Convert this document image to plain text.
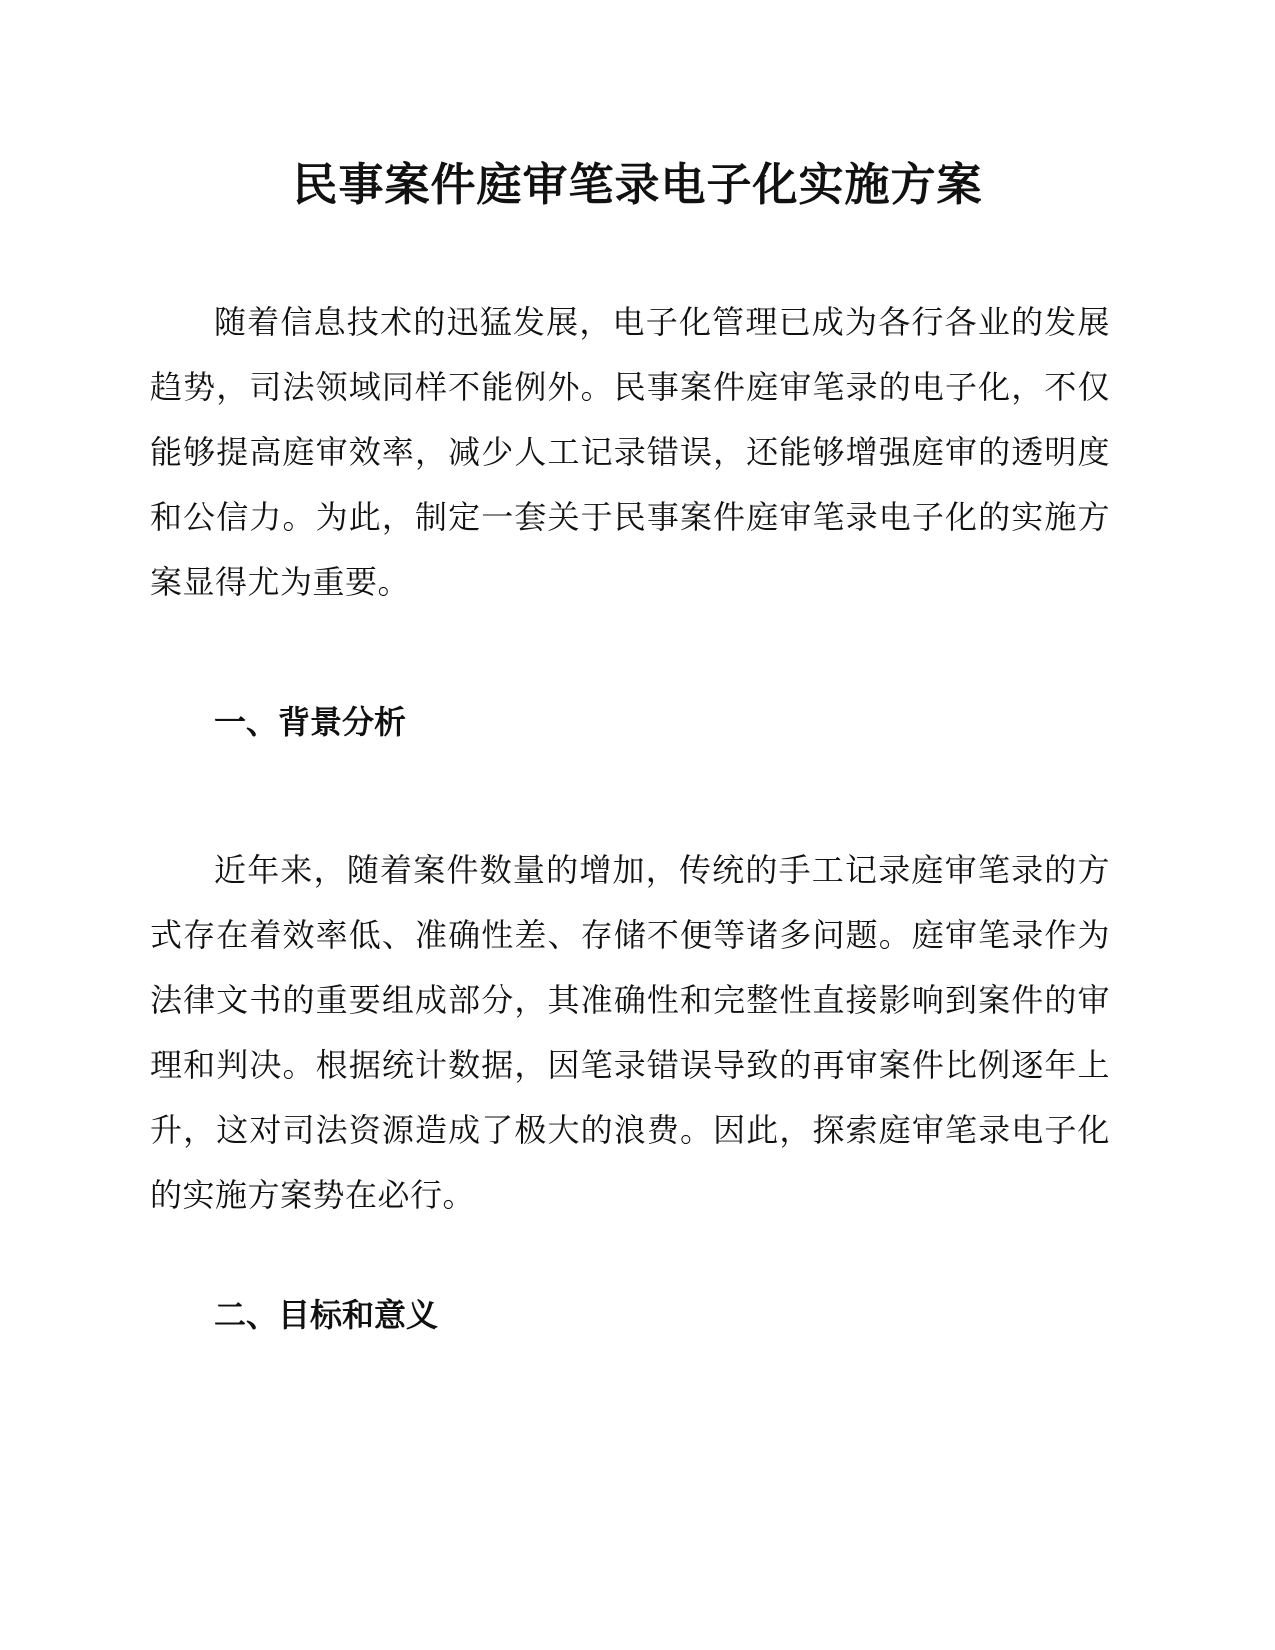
民事案件庭审笔录电子化实施方案

随着信息技术的迅猛发展，电子化管理已成为各行各业的发展趋势，司法领域同样不能例外。民事案件庭审笔录的电子化，不仅能够提高庭审效率，减少人工记录错误，还能够增强庭审的透明度和公信力。为此，制定一套关于民事案件庭审笔录电子化的实施方案显得尤为重要。

一、背景分析

近年来，随着案件数量的增加，传统的手工记录庭审笔录的方式存在着效率低、准确性差、存储不便等诸多问题。庭审笔录作为法律文书的重要组成部分，其准确性和完整性直接影响到案件的审理和判决。根据统计数据，因笔录错误导致的再审案件比例逐年上升，这对司法资源造成了极大的浪费。因此，探索庭审笔录电子化的实施方案势在必行。

二、目标和意义
